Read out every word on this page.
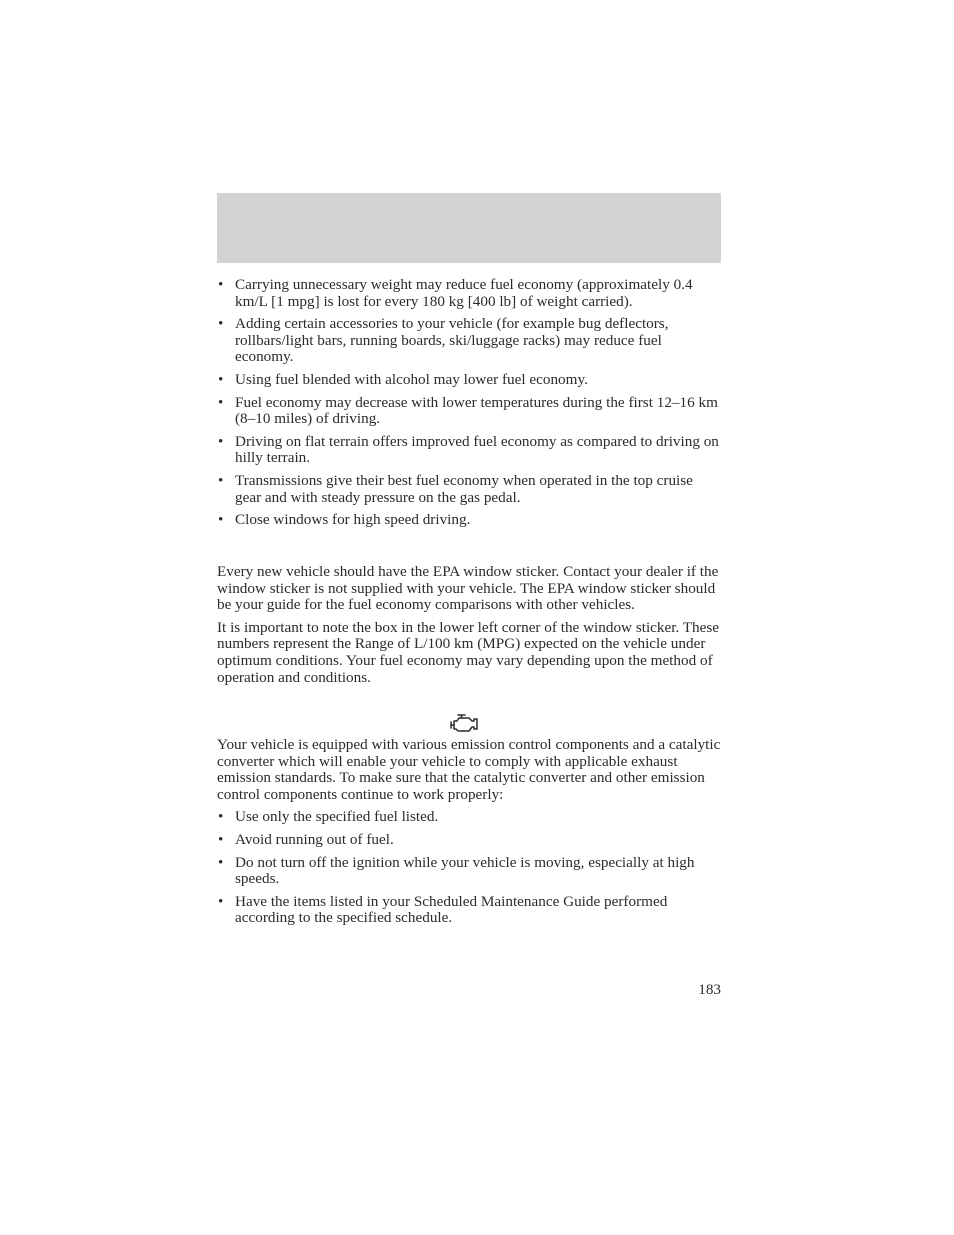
• Carrying unnecessary weight may reduce fuel economy (approximately 0.4 km/L [1 mpg] is lost for every 180 kg [400 lb] of weight carried).
• Adding certain accessories to your vehicle (for example bug deflectors, rollbars/light bars, running boards, ski/luggage racks) may reduce fuel economy.
• Using fuel blended with alcohol may lower fuel economy.
• Fuel economy may decrease with lower temperatures during the first 12–16 km (8–10 miles) of driving.
• Driving on flat terrain offers improved fuel economy as compared to driving on hilly terrain.
• Transmissions give their best fuel economy when operated in the top cruise gear and with steady pressure on the gas pedal.
• Close windows for high speed driving.

Every new vehicle should have the EPA window sticker. Contact your dealer if the window sticker is not supplied with your vehicle. The EPA window sticker should be your guide for the fuel economy comparisons with other vehicles.

It is important to note the box in the lower left corner of the window sticker. These numbers represent the Range of L/100 km (MPG) expected on the vehicle under optimum conditions. Your fuel economy may vary depending upon the method of operation and conditions.

Your vehicle is equipped with various emission control components and a catalytic converter which will enable your vehicle to comply with applicable exhaust emission standards. To make sure that the catalytic converter and other emission control components continue to work properly:

• Use only the specified fuel listed.
• Avoid running out of fuel.
• Do not turn off the ignition while your vehicle is moving, especially at high speeds.
• Have the items listed in your Scheduled Maintenance Guide performed according to the specified schedule.
183
